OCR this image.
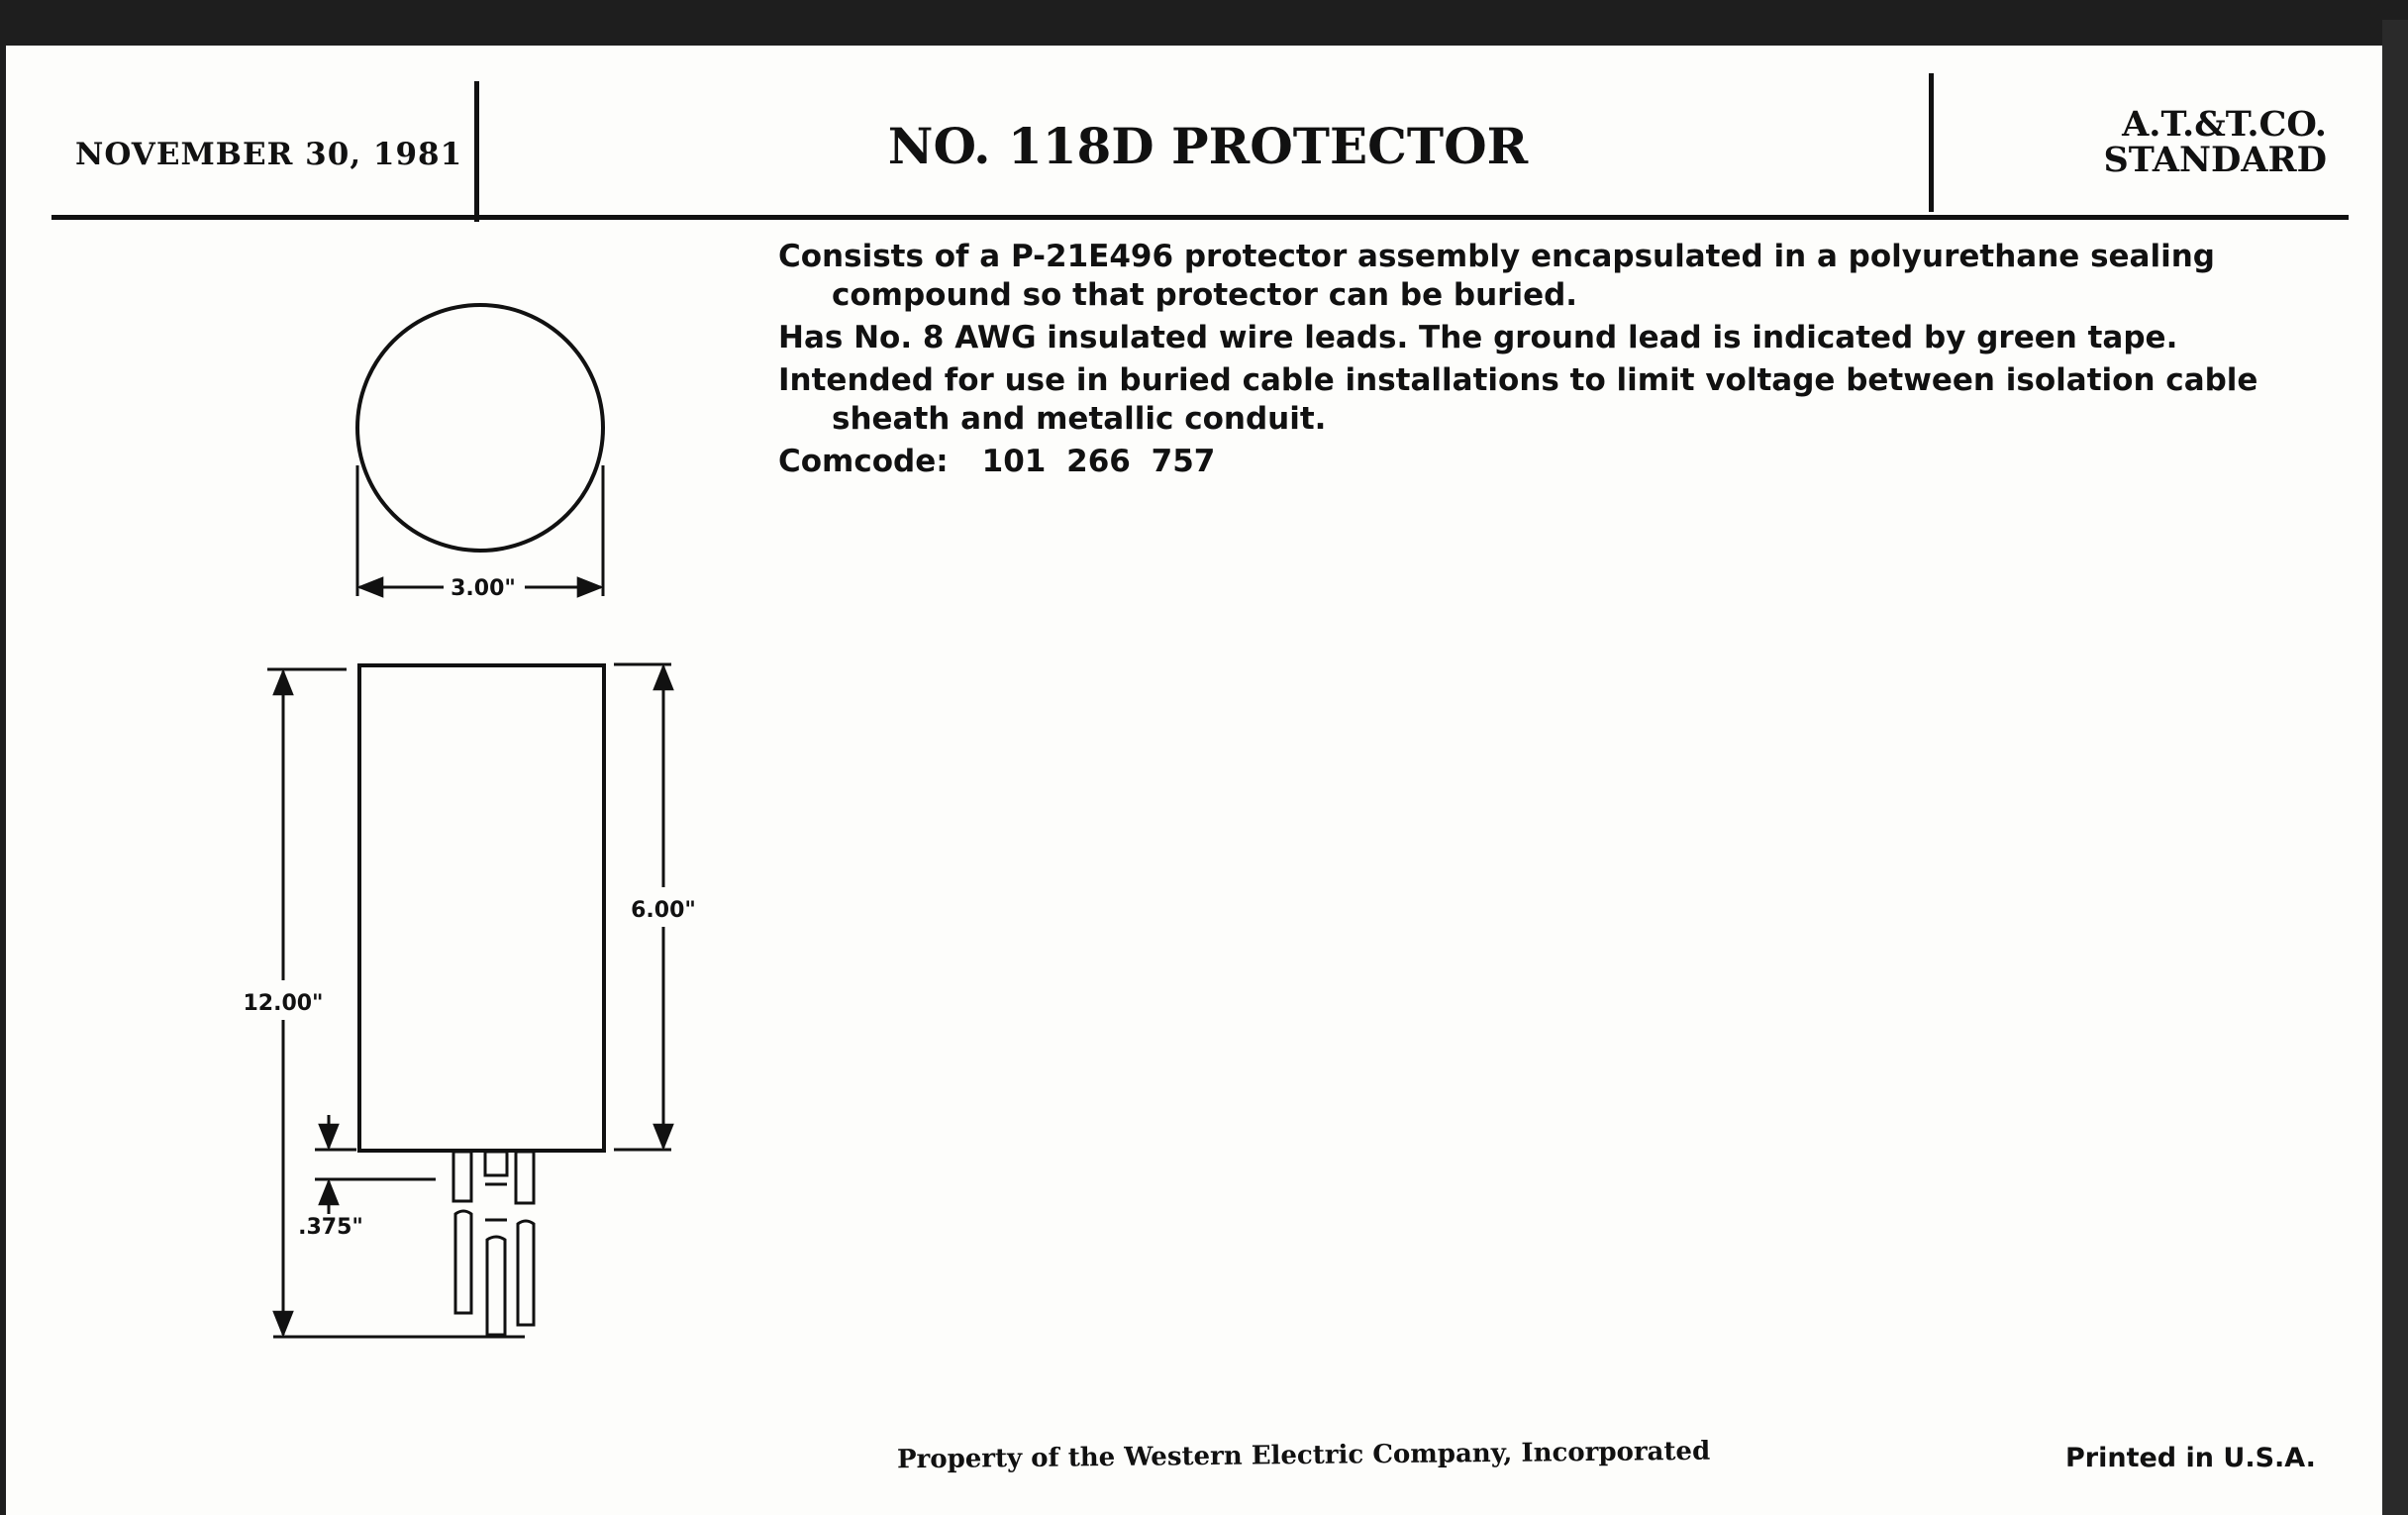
NOVEMBER 30, 1981	NO. 118D PROTECTOR	A.T.&T.CO.
STANDARD

Consists of a P-21E496 protector assembly encapsulated in a polyurethane sealing compound so that protector can be buried.

Has No. 8 AWG insulated wire leads. The ground lead is indicated by green tape.

Intended for use in buried cable installations to limit voltage between isolation cable sheath and metallic conduit.

Comcode: 101 266 757

3.00"
6.00"
12.00"
.375"
Property of the Western Electric Company, Incorporated	Printed in U.S.A.
